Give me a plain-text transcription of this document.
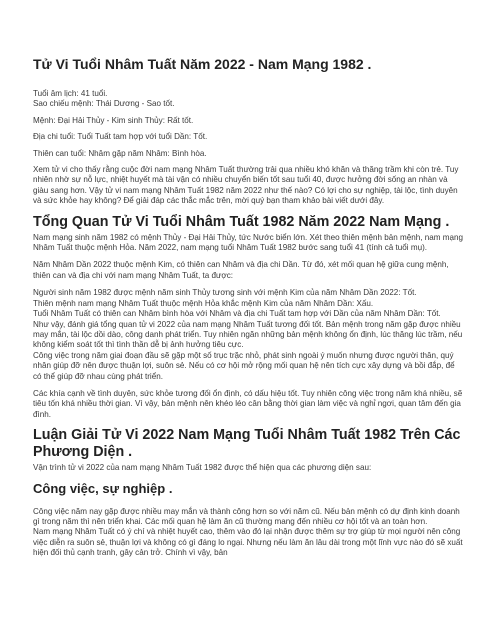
Tử Vi Tuổi Nhâm Tuất Năm 2022 - Nam Mạng 1982 .

Tuổi âm lịch: 41 tuổi.

Sao chiếu mệnh: Thái Dương - Sao tốt.

Mệnh: Đại Hải Thủy - Kim sinh Thủy: Rất tốt.

Địa chi tuổi: Tuổi Tuất tam hợp với tuổi Dần: Tốt.

Thiên can tuổi: Nhâm gặp năm Nhâm: Bình hòa.

Xem tử vi cho thấy rằng cuộc đời nam mạng Nhâm Tuất thường trải qua nhiều khó khăn và thăng trầm khi còn trẻ. Tuy nhiên nhờ sự nỗ lực, nhiệt huyết mà tài vận có nhiều chuyển biến tốt sau tuổi 40, được hưởng đời sống an nhàn và giàu sang hơn. Vậy tử vi nam mạng Nhâm Tuất 1982 năm 2022 như thế nào? Có lợi cho sự nghiệp, tài lộc, tình duyên và sức khỏe hay không? Để giải đáp các thắc mắc trên, mời quý bạn tham khảo bài viết dưới đây.

Tổng Quan Tử Vi Tuổi Nhâm Tuất 1982 Năm 2022 Nam Mạng .

Nam mạng sinh năm 1982 có mệnh Thủy - Đại Hải Thủy, tức Nước biển lớn. Xét theo thiên mệnh bản mệnh, nam mạng Nhâm Tuất thuộc mệnh Hỏa. Năm 2022, nam mạng tuổi Nhâm Tuất 1982 bước sang tuổi 41 (tính cả tuổi mụ).

Năm Nhâm Dần 2022 thuộc mệnh Kim, có thiên can Nhâm và địa chi Dần. Từ đó, xét mối quan hệ giữa cung mệnh, thiên can và địa chi với nam mạng Nhâm Tuất, ta được:

Người sinh năm 1982 được mệnh năm sinh Thủy tương sinh với mệnh Kim của năm Nhâm Dần 2022: Tốt.

Thiên mệnh nam mạng Nhâm Tuất thuộc mệnh Hỏa khắc mệnh Kim của năm Nhâm Dần: Xấu.

Tuổi Nhâm Tuất có thiên can Nhâm bình hòa với Nhâm và địa chi Tuất tam hợp với Dần của năm Nhâm Dần: Tốt.

Như vậy, đánh giá tổng quan tử vi 2022 của nam mạng Nhâm Tuất tương đối tốt. Bản mệnh trong năm gặp được nhiều may mắn, tài lộc dồi dào, công danh phát triển. Tuy nhiên ngăn những bản mệnh không ổn định, lúc thăng lúc trầm, nếu không kiểm soát tốt thì tình thần dễ bị ảnh hưởng tiêu cực.

Công việc trong năm giai đoạn đầu sẽ gặp một số trục trặc nhỏ, phát sinh ngoài ý muốn nhưng được người thân, quý nhân giúp đỡ nên được thuận lợi, suôn sẻ. Nếu có cơ hội mở rộng mối quan hệ nên tích cực xây dựng và bồi đắp, để có thể giúp đỡ nhau cùng phát triển.

Các khía cạnh về tình duyên, sức khỏe tương đối ổn định, có dấu hiệu tốt. Tuy nhiên công việc trong năm khá nhiều, sẽ tiêu tốn khá nhiều thời gian. Vì vậy, bản mệnh nên khéo léo cân bằng thời gian làm việc và nghỉ ngơi, quan tâm đến gia đình.

Luận Giải Tử Vi 2022 Nam Mạng Tuổi Nhâm Tuất 1982 Trên Các Phương Diện .

Vận trình tử vi 2022 của nam mạng Nhâm Tuất 1982 được thể hiện qua các phương diện sau:

Công việc, sự nghiệp .

Công việc năm nay gặp được nhiều may mắn và thành công hơn so với năm cũ. Nếu bản mệnh có dự định kinh doanh gì trong năm thì nên triển khai. Các mối quan hệ làm ăn cũ thường mang đến nhiều cơ hội tốt và an toàn hơn.

Nam mạng Nhâm Tuất có ý chí và nhiệt huyết cao, thêm vào đó lại nhận được thêm sự trợ giúp từ mọi người nên công việc diễn ra suôn sẻ, thuận lợi và không có gì đáng lo ngại. Nhưng nếu làm ăn lâu dài trong một lĩnh vực nào đó sẽ xuất hiện đối thủ cạnh tranh, gây cản trở. Chính vì vậy, bản
